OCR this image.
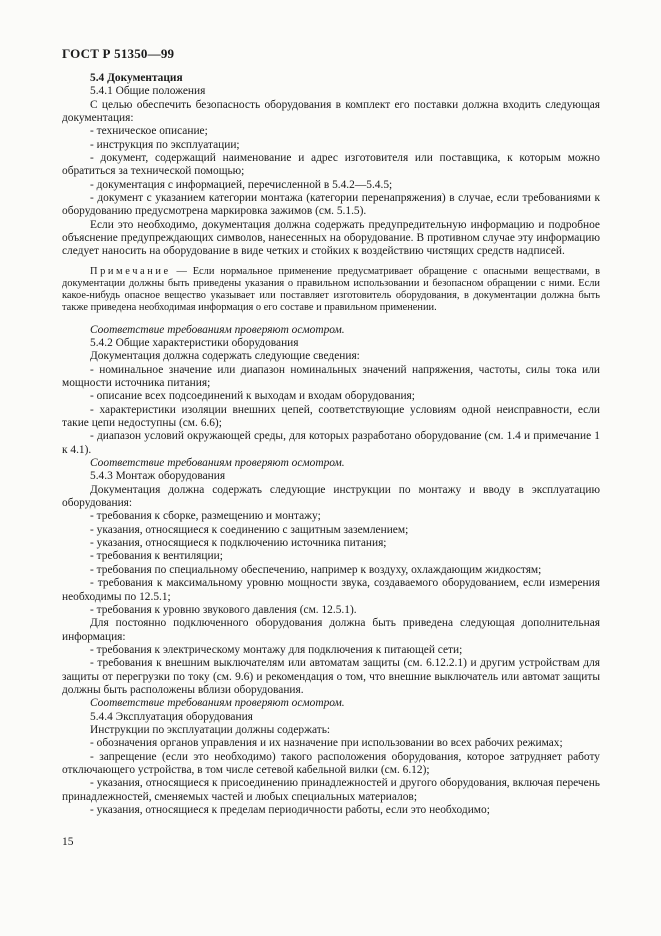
ГОСТ Р 51350—99

5.4 Документация

5.4.1 Общие положения

С целью обеспечить безопасность оборудования в комплект его поставки должна входить следующая документация:

- техническое описание;

- инструкция по эксплуатации;

- документ, содержащий наименование и адрес изготовителя или поставщика, к которым можно обратиться за технической помощью;

- документация с информацией, перечисленной в 5.4.2—5.4.5;

- документ с указанием категории монтажа (категории перенапряжения) в случае, если требованиями к оборудованию предусмотрена маркировка зажимов (см. 5.1.5).

Если это необходимо, документация должна содержать предупредительную информацию и подробное объяснение предупреждающих символов, нанесенных на оборудование. В противном случае эту информацию следует наносить на оборудование в виде четких и стойких к воздействию чистящих средств надписей.

Примечание — Если нормальное применение предусматривает обращение с опасными веществами, в документации должны быть приведены указания о правильном использовании и безопасном обращении с ними. Если какое-нибудь опасное вещество указывает или поставляет изготовитель оборудования, в документации должна быть также приведена необходимая информация о его составе и правильном применении.

Соответствие требованиям проверяют осмотром.

5.4.2 Общие характеристики оборудования

Документация должна содержать следующие сведения:

- номинальное значение или диапазон номинальных значений напряжения, частоты, силы тока или мощности источника питания;

- описание всех подсоединений к выходам и входам оборудования;

- характеристики изоляции внешних цепей, соответствующие условиям одной неисправности, если такие цепи недоступны (см. 6.6);

- диапазон условий окружающей среды, для которых разработано оборудование (см. 1.4 и примечание 1 к 4.1).

Соответствие требованиям проверяют осмотром.

5.4.3 Монтаж оборудования

Документация должна содержать следующие инструкции по монтажу и вводу в эксплуатацию оборудования:

- требования к сборке, размещению и монтажу;

- указания, относящиеся к соединению с защитным заземлением;

- указания, относящиеся к подключению источника питания;

- требования к вентиляции;

- требования по специальному обеспечению, например к воздуху, охлаждающим жидкостям;

- требования к максимальному уровню мощности звука, создаваемого оборудованием, если измерения необходимы по 12.5.1;

- требования к уровню звукового давления (см. 12.5.1).

Для постоянно подключенного оборудования должна быть приведена следующая дополнительная информация:

- требования к электрическому монтажу для подключения к питающей сети;

- требования к внешним выключателям или автоматам защиты (см. 6.12.2.1) и другим устройствам для защиты от перегрузки по току (см. 9.6) и рекомендация о том, что внешние выключатель или автомат защиты должны быть расположены вблизи оборудования.

Соответствие требованиям проверяют осмотром.

5.4.4 Эксплуатация оборудования

Инструкции по эксплуатации должны содержать:

- обозначения органов управления и их назначение при использовании во всех рабочих режимах;

- запрещение (если это необходимо) такого расположения оборудования, которое затрудняет работу отключающего устройства, в том числе сетевой кабельной вилки (см. 6.12);

- указания, относящиеся к присоединению принадлежностей и другого оборудования, включая перечень принадлежностей, сменяемых частей и любых специальных материалов;

- указания, относящиеся к пределам периодичности работы, если это необходимо;

15
